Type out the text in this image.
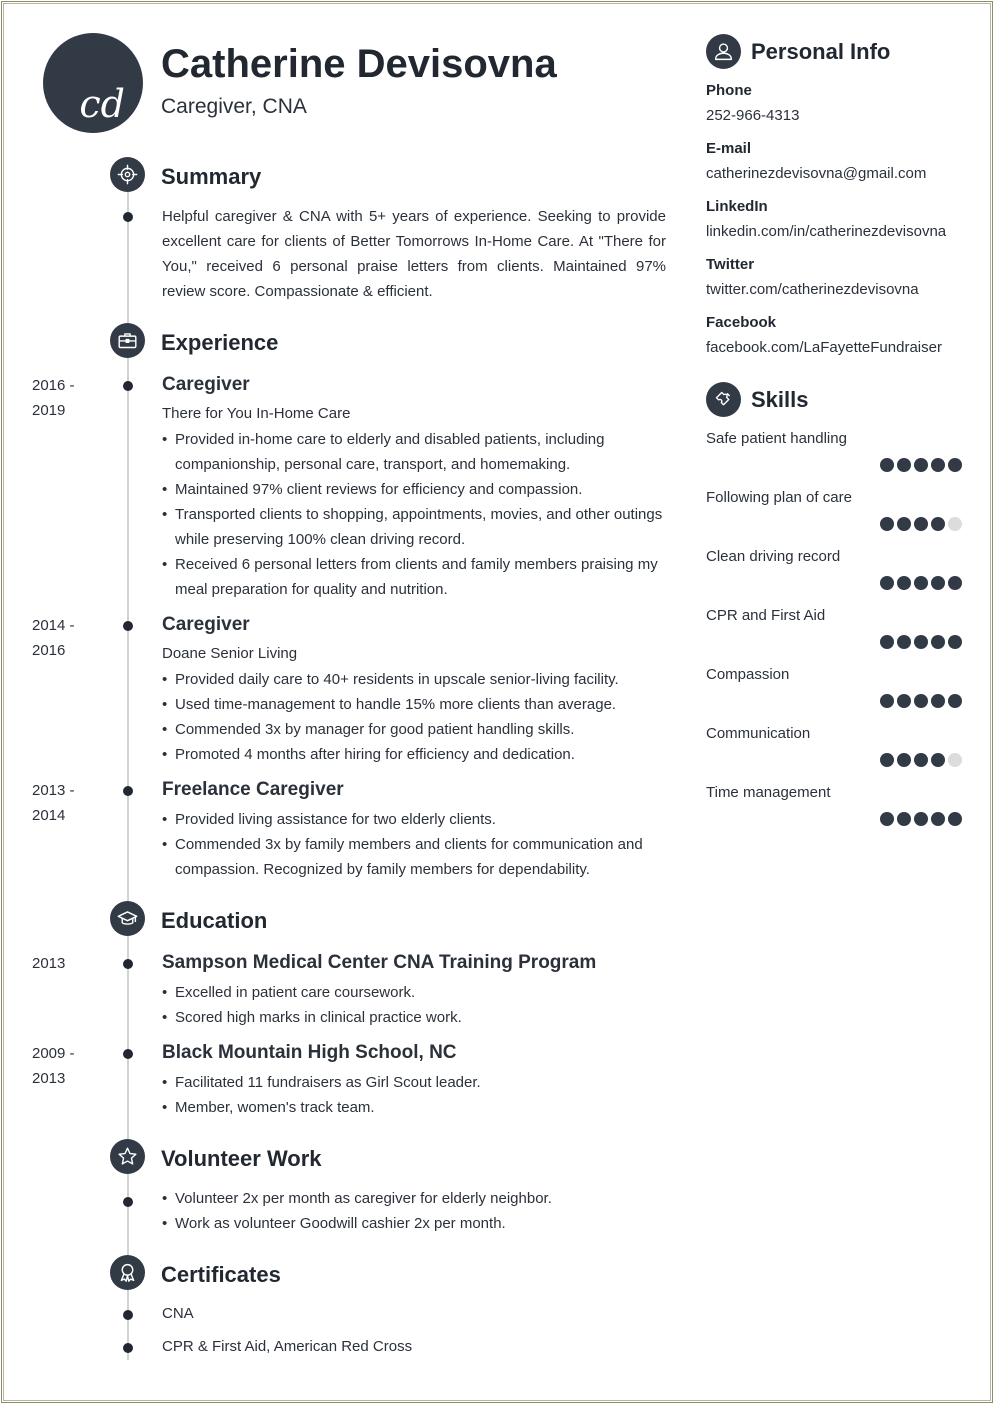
cd
Catherine Devisovna
Caregiver, CNA
Summary

Helpful caregiver & CNA with 5+ years of experience. Seeking to provide excellent care for clients of Better Tomorrows In-Home Care. At "There for You," received 6 personal praise letters from clients. Maintained 97% review score. Compassionate & efficient.

Experience
2016 -
2019
Caregiver
There for You In-Home Care
• Provided in-home care to elderly and disabled patients, including companionship, personal care, transport, and homemaking.
• Maintained 97% client reviews for efficiency and compassion.
• Transported clients to shopping, appointments, movies, and other outings while preserving 100% clean driving record.
• Received 6 personal letters from clients and family members praising my meal preparation for quality and nutrition.
2014 -
2016
Caregiver
Doane Senior Living
• Provided daily care to 40+ residents in upscale senior-living facility.
• Used time-management to handle 15% more clients than average.
• Commended 3x by manager for good patient handling skills.
• Promoted 4 months after hiring for efficiency and dedication.
2013 -
2014
Freelance Caregiver
• Provided living assistance for two elderly clients.
• Commended 3x by family members and clients for communication and compassion. Recognized by family members for dependability.
Education
2013	Sampson Medical Center CNA Training Program
• Excelled in patient care coursework.
• Scored high marks in clinical practice work.
2009 -
2013
Black Mountain High School, NC
• Facilitated 11 fundraisers as Girl Scout leader.
• Member, women's track team.
Volunteer Work
• Volunteer 2x per month as caregiver for elderly neighbor.
• Work as volunteer Goodwill cashier 2x per month.
Certificates
CNA
CPR & First Aid, American Red Cross
Personal Info
Phone
252-966-4313
E-mail
catherinezdevisovna@gmail.com
LinkedIn
linkedin.com/in/catherinezdevisovna
Twitter
twitter.com/catherinezdevisovna
Facebook
facebook.com/LaFayetteFundraiser
Skills
Safe patient handling
Following plan of care
Clean driving record
CPR and First Aid
Compassion
Communication
Time management
